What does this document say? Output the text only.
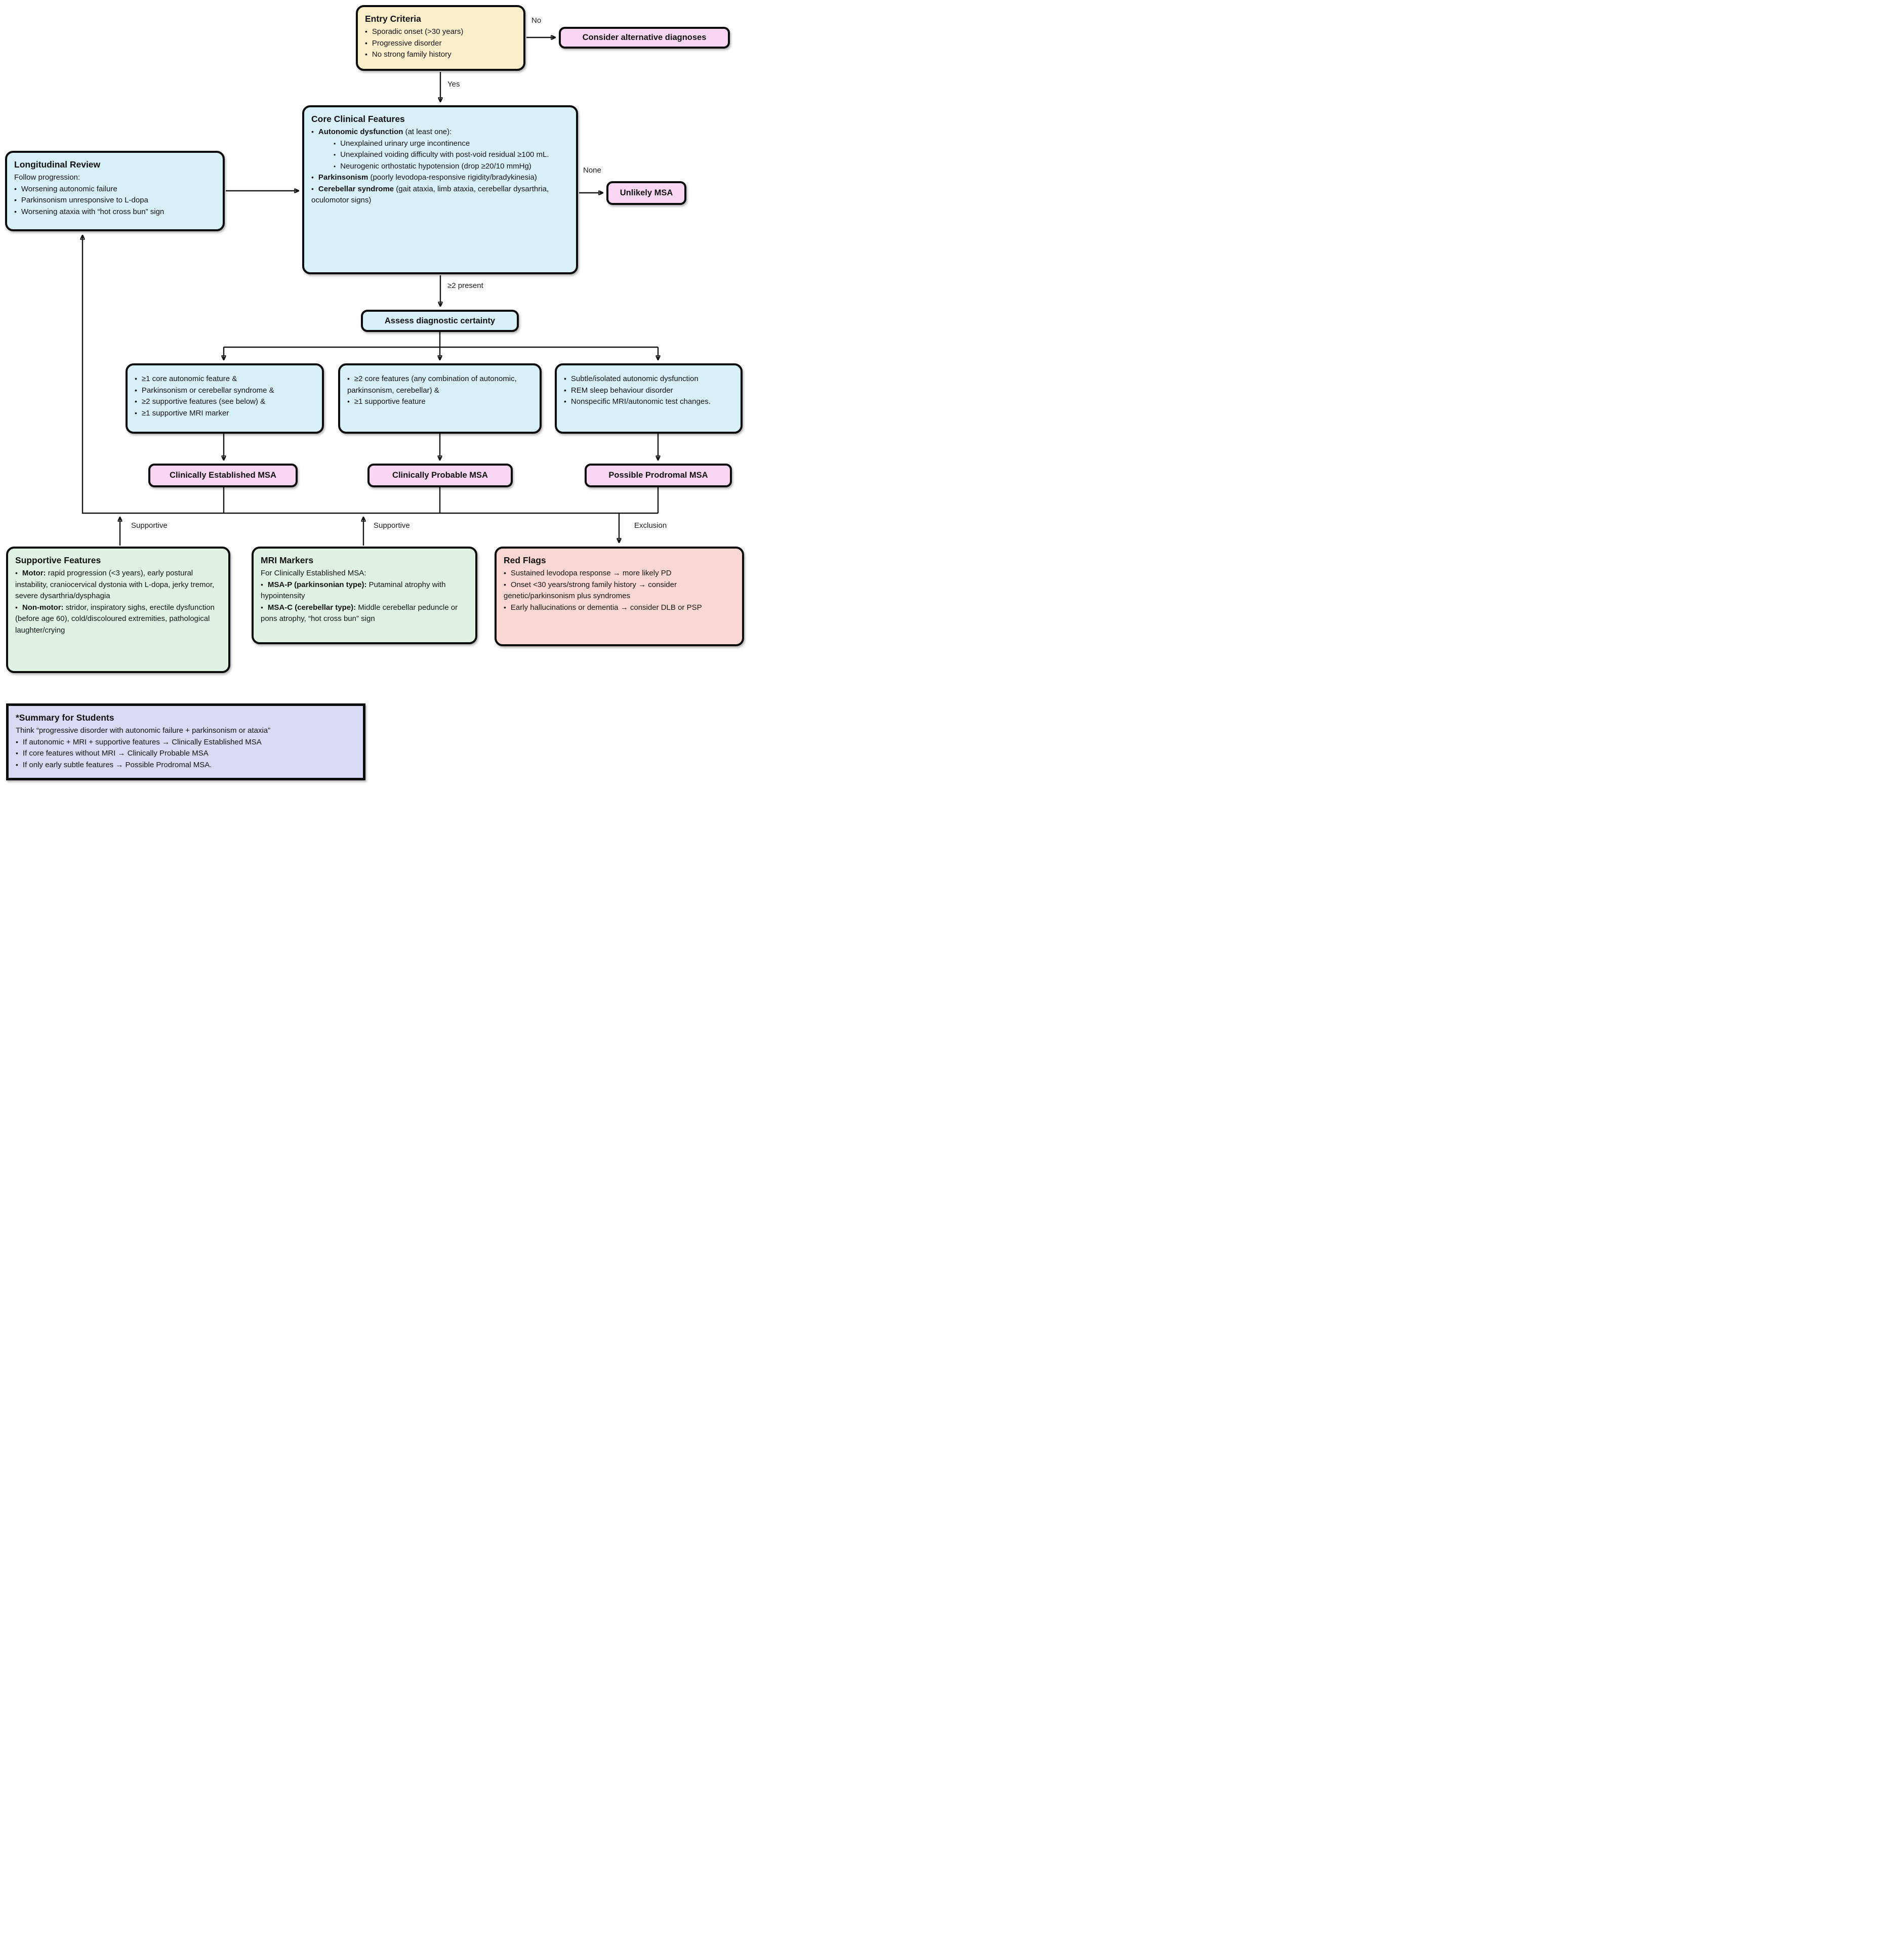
No
Yes
None
≥2 present
Supportive	Supportive	Exclusion
Entry Criteria
• Sporadic onset (>30 years)
• Progressive disorder
• No strong family history
Consider alternative diagnoses
Core Clinical Features
• Autonomic dysfunction (at least one):
• Unexplained urinary urge incontinence
• Unexplained voiding difficulty with post-void residual ≥100 mL.
• Neurogenic orthostatic hypotension (drop ≥20/10 mmHg)
• Parkinsonism (poorly levodopa-responsive rigidity/bradykinesia)
• Cerebellar syndrome (gait ataxia, limb ataxia, cerebellar dysarthria, oculomotor signs)
Longitudinal Review
Follow progression:
• Worsening autonomic failure
• Parkinsonism unresponsive to L-dopa
• Worsening ataxia with “hot cross bun” sign
Unlikely MSA
Assess diagnostic certainty
• ≥1 core autonomic feature &
• Parkinsonism or cerebellar syndrome &
• ≥2 supportive features (see below) &
• ≥1 supportive MRI marker
• ≥2 core features (any combination of autonomic, parkinsonism, cerebellar) &
• ≥1 supportive feature
• Subtle/isolated autonomic dysfunction
• REM sleep behaviour disorder
• Nonspecific MRI/autonomic test changes.
Clinically Established MSA	Clinically Probable MSA	Possible Prodromal MSA
Supportive Features
• Motor: rapid progression (<3 years), early postural instability, craniocervical dystonia with L-dopa, jerky tremor, severe dysarthria/dysphagia
• Non-motor: stridor, inspiratory sighs, erectile dysfunction (before age 60), cold/discoloured extremities, pathological laughter/crying
MRI Markers
For Clinically Established MSA:
• MSA-P (parkinsonian type): Putaminal atrophy with hypointensity
• MSA-C (cerebellar type): Middle cerebellar peduncle or pons atrophy, “hot cross bun” sign
Red Flags
• Sustained levodopa response → more likely PD
• Onset <30 years/strong family history → consider genetic/parkinsonism plus syndromes
• Early hallucinations or dementia → consider DLB or PSP
*Summary for Students
Think “progressive disorder with autonomic failure + parkinsonism or ataxia”
• If autonomic + MRI + supportive features → Clinically Established MSA
• If core features without MRI → Clinically Probable MSA
• If only early subtle features → Possible Prodromal MSA.
